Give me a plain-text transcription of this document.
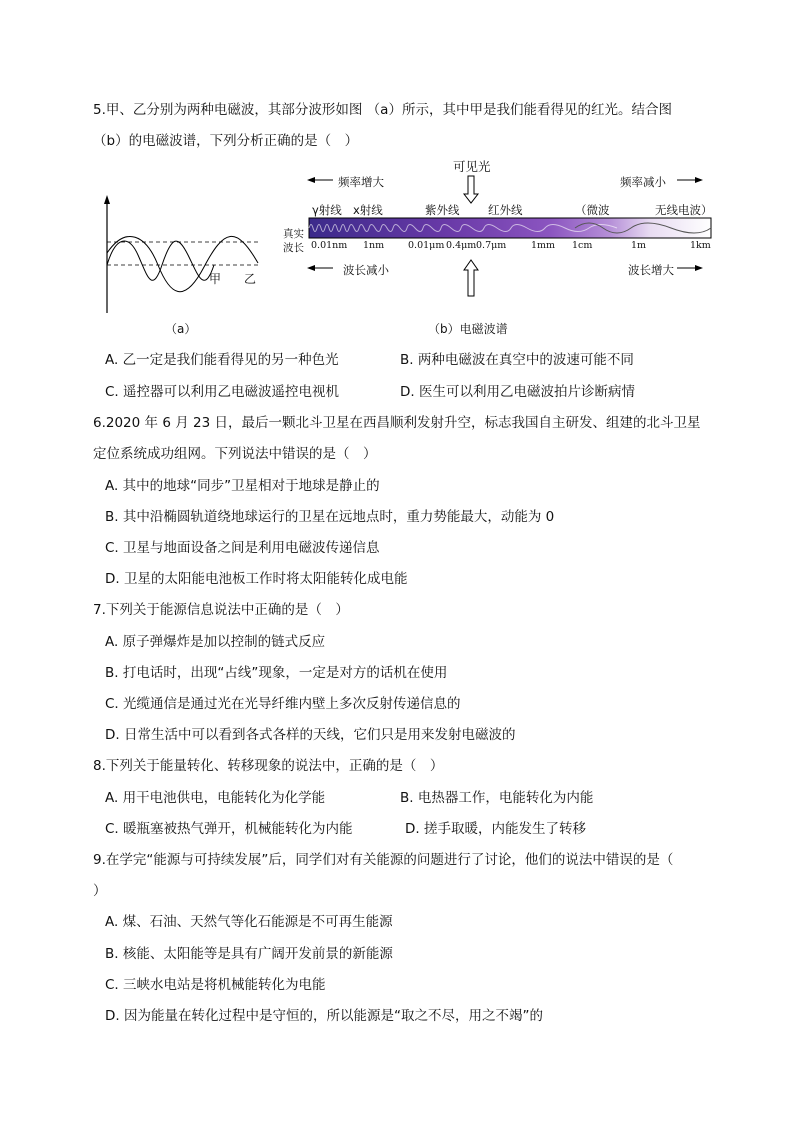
5.甲、乙分别为两种电磁波，其部分波形如图 （a）所示，其中甲是我们能看得见的红光。结合图
（b）的电磁波谱，下列分析正确的是（　）
甲 乙
（a）
可见光
频率增大	频率减小
γ射线 x射线	紫外线 红外线	（微波	无线电波）
真实
波长 0.01nm 1nm	0.01μm 0.4μm 0.7μm	1mm 1cm	1m	1km
波长减小	波长增大
（b）电磁波谱
A. 乙一定是我们能看得见的另一种色光	B. 两种电磁波在真空中的波速可能不同
C. 遥控器可以利用乙电磁波遥控电视机	D. 医生可以利用乙电磁波拍片诊断病情
6.2020 年 6 月 23 日，最后一颗北斗卫星在西昌顺利发射升空，标志我国自主研发、组建的北斗卫星
定位系统成功组网。下列说法中错误的是（　）
A. 其中的地球“同步”卫星相对于地球是静止的
B. 其中沿椭圆轨道绕地球运行的卫星在远地点时，重力势能最大，动能为 0
C. 卫星与地面设备之间是利用电磁波传递信息
D. 卫星的太阳能电池板工作时将太阳能转化成电能
7.下列关于能源信息说法中正确的是（　）
A. 原子弹爆炸是加以控制的链式反应
B. 打电话时，出现“占线”现象，一定是对方的话机在使用
C. 光缆通信是通过光在光导纤维内壁上多次反射传递信息的
D. 日常生活中可以看到各式各样的天线，它们只是用来发射电磁波的
8.下列关于能量转化、转移现象的说法中，正确的是（　）
A. 用干电池供电，电能转化为化学能	B. 电热器工作，电能转化为内能
C. 暖瓶塞被热气弹开，机械能转化为内能	D. 搓手取暖，内能发生了转移
9.在学完“能源与可持续发展”后，同学们对有关能源的问题进行了讨论，他们的说法中错误的是（
）
A. 煤、石油、天然气等化石能源是不可再生能源
B. 核能、太阳能等是具有广阔开发前景的新能源
C. 三峡水电站是将机械能转化为电能
D. 因为能量在转化过程中是守恒的，所以能源是“取之不尽，用之不竭”的
